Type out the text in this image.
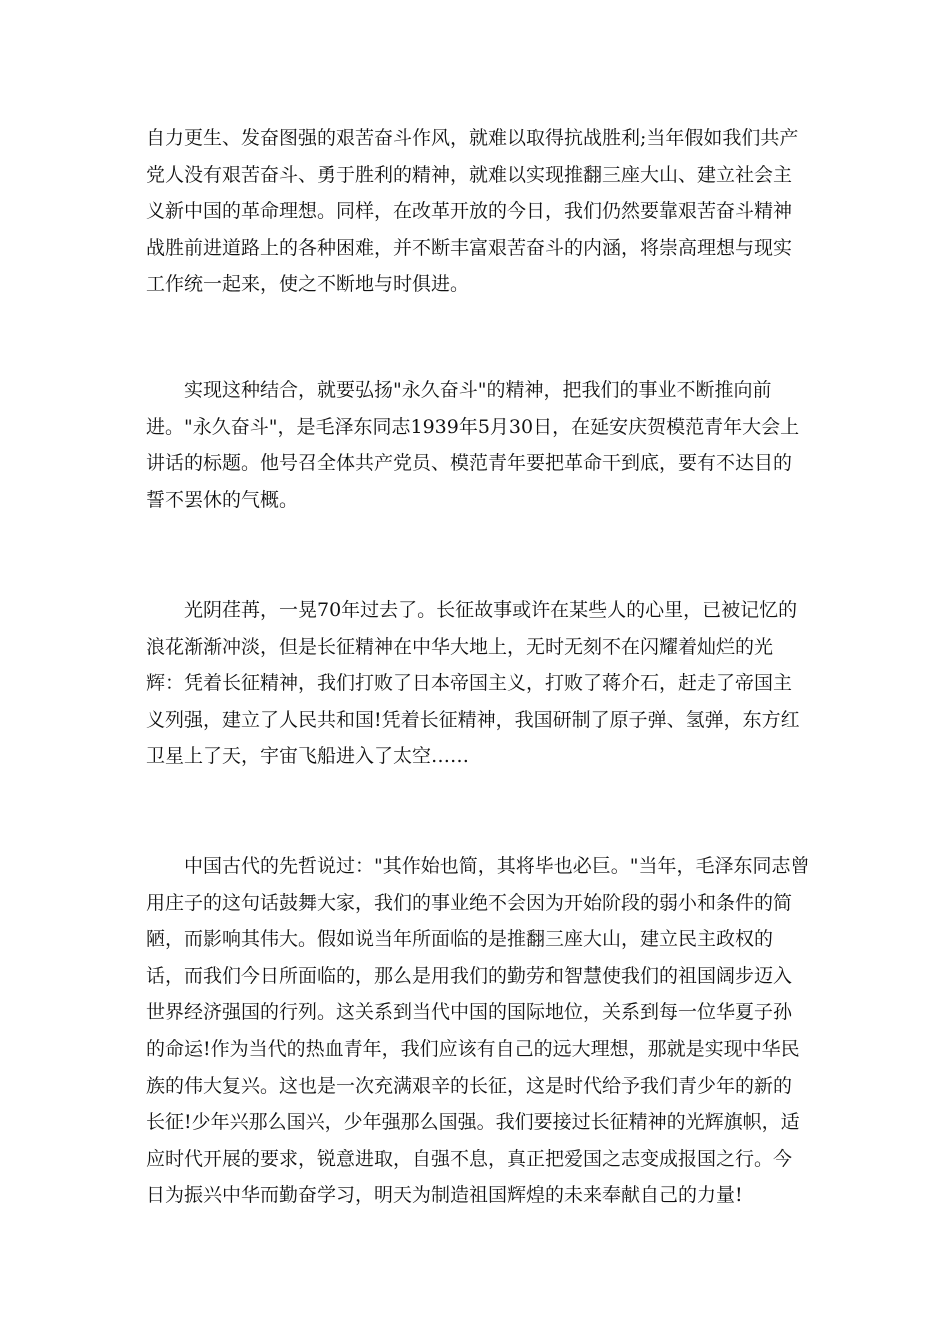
自力更生、发奋图强的艰苦奋斗作风，就难以取得抗战胜利;当年假如我们共产党人没有艰苦奋斗、勇于胜利的精神，就难以实现推翻三座大山、建立社会主义新中国的革命理想。同样，在改革开放的今日，我们仍然要靠艰苦奋斗精神战胜前进道路上的各种困难，并不断丰富艰苦奋斗的内涵，将崇高理想与现实工作统一起来，使之不断地与时俱进。

　　实现这种结合，就要弘扬"永久奋斗"的精神，把我们的事业不断推向前进。"永久奋斗"，是毛泽东同志1939年5月30日，在延安庆贺模范青年大会上讲话的标题。他号召全体共产党员、模范青年要把革命干到底，要有不达目的誓不罢休的气概。

　　光阴荏苒，一晃70年过去了。长征故事或许在某些人的心里，已被记忆的浪花渐渐冲淡，但是长征精神在中华大地上，无时无刻不在闪耀着灿烂的光辉：凭着长征精神，我们打败了日本帝国主义，打败了蒋介石，赶走了帝国主义列强，建立了人民共和国!凭着长征精神，我国研制了原子弹、氢弹，东方红卫星上了天，宇宙飞船进入了太空……

　　中国古代的先哲说过："其作始也简，其将毕也必巨。"当年，毛泽东同志曾用庄子的这句话鼓舞大家，我们的事业绝不会因为开始阶段的弱小和条件的简陋，而影响其伟大。假如说当年所面临的是推翻三座大山，建立民主政权的话，而我们今日所面临的，那么是用我们的勤劳和智慧使我们的祖国阔步迈入世界经济强国的行列。这关系到当代中国的国际地位，关系到每一位华夏子孙的命运!作为当代的热血青年，我们应该有自己的远大理想，那就是实现中华民族的伟大复兴。这也是一次充满艰辛的长征，这是时代给予我们青少年的新的长征!少年兴那么国兴，少年强那么国强。我们要接过长征精神的光辉旗帜，适应时代开展的要求，锐意进取，自强不息，真正把爱国之志变成报国之行。今日为振兴中华而勤奋学习，明天为制造祖国辉煌的未来奉献自己的力量!
